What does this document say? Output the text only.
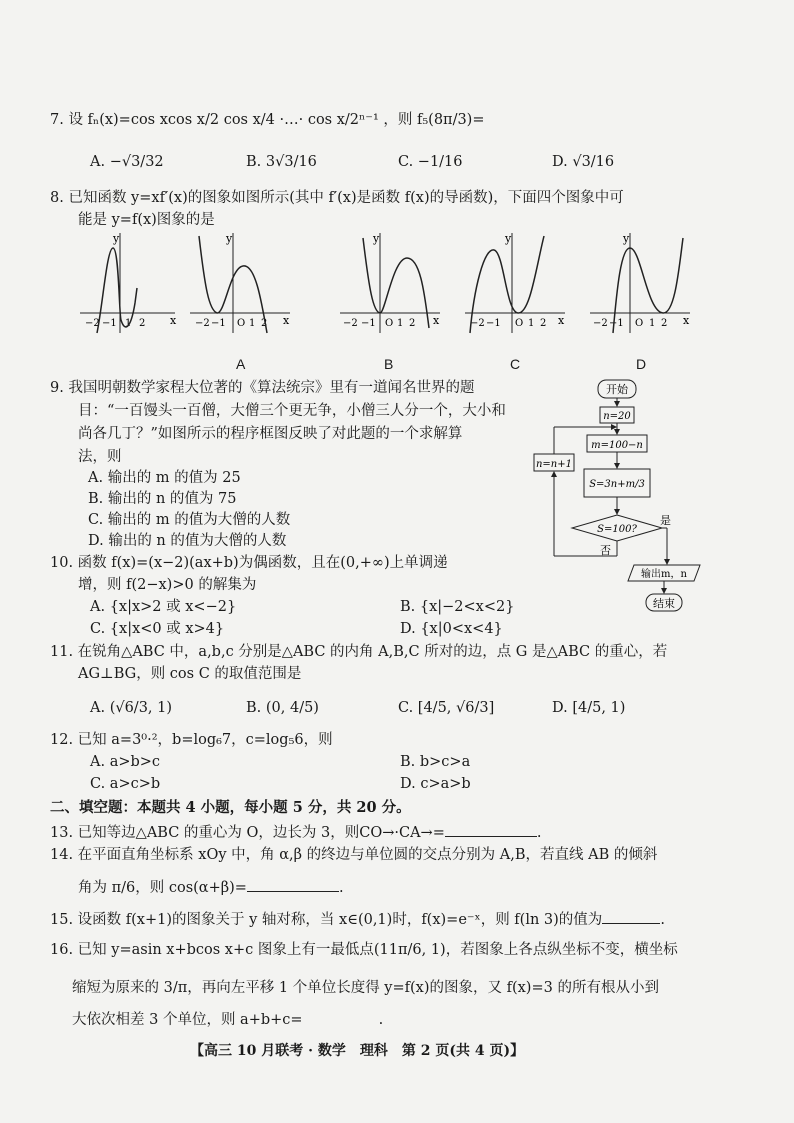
7. 设 fₙ(x)=cos xcos x/2 cos x/4 ·…· cos x/2ⁿ⁻¹ ，则 f₅(8π/3)=
A. −√3/32	B. 3√3/16	C. −1/16	D. √3/16
8. 已知函数 y=xf′(x)的图象如图所示(其中 f′(x)是函数 f(x)的导函数)，下面四个图象中可
能是 y=f(x)图象的是
y
x
−2 −1 1 2
y
x
−2 −1 O 1 2
y
x
−2 −1 O 1 2
y
x
−2 −1 O 1 2
y
x
−2 −1 O 1 2
A	B	C	D
9. 我国明朝数学家程大位著的《算法统宗》里有一道闻名世界的题
目：“一百馒头一百僧，大僧三个更无争，小僧三人分一个，大小和
尚各几丁？”如图所示的程序框图反映了对此题的一个求解算
法，则
A. 输出的 m 的值为 25
B. 输出的 n 的值为 75
C. 输出的 m 的值为大僧的人数
D. 输出的 n 的值为大僧的人数
开始
n=20
m=100−n
S=3n+m/3
S=100?
是
否
n=n+1
输出m，n
结束
10. 函数 f(x)=(x−2)(ax+b)为偶函数，且在(0,+∞)上单调递
增，则 f(2−x)>0 的解集为
A. {x|x>2 或 x<−2}	B. {x|−2<x<2}
C. {x|x<0 或 x>4}	D. {x|0<x<4}
11. 在锐角△ABC 中，a,b,c 分别是△ABC 的内角 A,B,C 所对的边，点 G 是△ABC 的重心，若
AG⊥BG，则 cos C 的取值范围是
A. (√6/3, 1)	B. (0, 4/5)	C. [4/5, √6/3]	D. [4/5, 1)
12. 已知 a=3⁰·²，b=log₆7，c=log₅6，则
A. a>b>c	B. b>c>a
C. a>c>b	D. c>a>b
二、填空题：本题共 4 小题，每小题 5 分，共 20 分。
13. 已知等边△ABC 的重心为 O，边长为 3，则CO→·CA→=	.
14. 在平面直角坐标系 xOy 中，角 α,β 的终边与单位圆的交点分别为 A,B，若直线 AB 的倾斜
角为 π/6，则 cos(α+β)=	.
15. 设函数 f(x+1)的图象关于 y 轴对称，当 x∈(0,1)时，f(x)=e⁻ˣ，则 f(ln 3)的值为	.
16. 已知 y=asin x+bcos x+c 图象上有一最低点(11π/6, 1)，若图象上各点纵坐标不变，横坐标
缩短为原来的 3/π，再向左平移 1 个单位长度得 y=f(x)的图象，又 f(x)=3 的所有根从小到
大依次相差 3 个单位，则 a+b+c=	.
【高三 10 月联考 · 数学　理科　第 2 页(共 4 页)】
